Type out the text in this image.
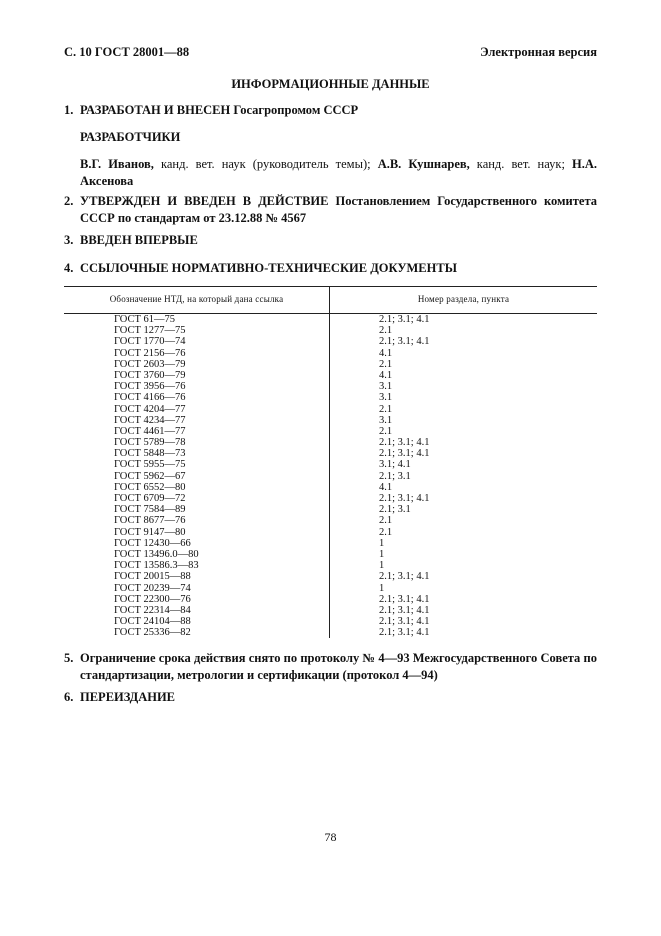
С. 10 ГОСТ 28001—88	Электронная версия
ИНФОРМАЦИОННЫЕ ДАННЫЕ
1. РАЗРАБОТАН И ВНЕСЕН Госагропромом СССР
РАЗРАБОТЧИКИ
В.Г. Иванов, канд. вет. наук (руководитель темы); А.В. Кушнарев, канд. вет. наук; Н.А. Аксенова
2. УТВЕРЖДЕН И ВВЕДЕН В ДЕЙСТВИЕ Постановлением Государственного комитета СССР по стандартам от 23.12.88 № 4567
3. ВВЕДЕН ВПЕРВЫЕ
4. ССЫЛОЧНЫЕ НОРМАТИВНО-ТЕХНИЧЕСКИЕ ДОКУМЕНТЫ
Обозначение НТД, на который дана ссылка	Номер раздела, пункта
ГОСТ 61—75	2.1; 3.1; 4.1
ГОСТ 1277—75	2.1
ГОСТ 1770—74	2.1; 3.1; 4.1
ГОСТ 2156—76	4.1
ГОСТ 2603—79	2.1
ГОСТ 3760—79	4.1
ГОСТ 3956—76	3.1
ГОСТ 4166—76	3.1
ГОСТ 4204—77	2.1
ГОСТ 4234—77	3.1
ГОСТ 4461—77	2.1
ГОСТ 5789—78	2.1; 3.1; 4.1
ГОСТ 5848—73	2.1; 3.1; 4.1
ГОСТ 5955—75	3.1; 4.1
ГОСТ 5962—67	2.1; 3.1
ГОСТ 6552—80	4.1
ГОСТ 6709—72	2.1; 3.1; 4.1
ГОСТ 7584—89	2.1; 3.1
ГОСТ 8677—76	2.1
ГОСТ 9147—80	2.1
ГОСТ 12430—66	1
ГОСТ 13496.0—80	1
ГОСТ 13586.3—83	1
ГОСТ 20015—88	2.1; 3.1; 4.1
ГОСТ 20239—74	1
ГОСТ 22300—76	2.1; 3.1; 4.1
ГОСТ 22314—84	2.1; 3.1; 4.1
ГОСТ 24104—88	2.1; 3.1; 4.1
ГОСТ 25336—82	2.1; 3.1; 4.1
5. Ограничение срока действия снято по протоколу № 4—93 Межгосударственного Совета по стандартизации, метрологии и сертификации (протокол 4—94)
6. ПЕРЕИЗДАНИЕ
78
